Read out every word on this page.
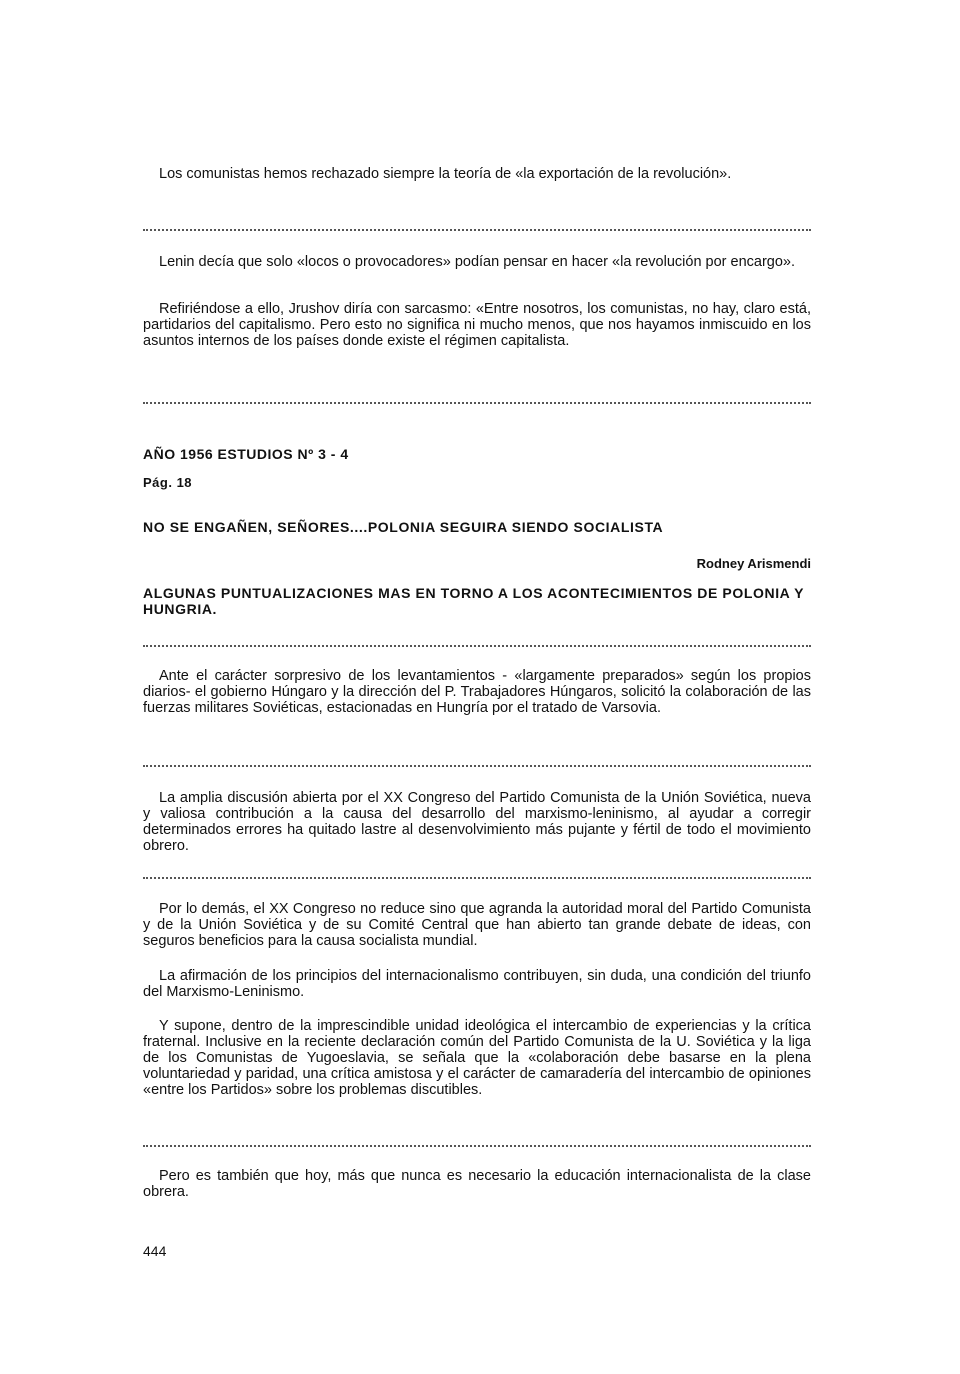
Los comunistas hemos rechazado siempre la teoría de «la exportación de la revolución».

Lenin decía que solo «locos o provocadores» podían pensar en hacer «la revolución por encargo».

Refiriéndose a ello, Jrushov diría con sarcasmo: «Entre nosotros, los comunistas, no hay, claro está, partidarios del capitalismo. Pero esto no significa ni mucho menos, que nos hayamos inmiscuido en los asuntos internos de los países donde existe el régimen capitalista.

AÑO 1956 ESTUDIOS Nº 3 - 4
Pág. 18
NO SE ENGAÑEN, SEÑORES....POLONIA SEGUIRA SIENDO SOCIALISTA
Rodney Arismendi
ALGUNAS PUNTUALIZACIONES MAS EN TORNO A LOS ACONTECIMIENTOS DE POLONIA Y HUNGRIA.

Ante el carácter sorpresivo de los levantamientos - «largamente preparados» según los propios diarios- el gobierno Húngaro y la dirección del P. Trabajadores Húngaros, solicitó la colaboración de las fuerzas militares Soviéticas, estacionadas en Hungría por el tratado de Varsovia.

La amplia discusión abierta por el XX Congreso del Partido Comunista de la Unión Soviética, nueva y valiosa contribución a la causa del desarrollo del marxismo-leninismo, al ayudar a corregir determinados errores ha quitado lastre al desenvolvimiento más pujante y fértil de todo el movimiento obrero.

Por lo demás, el XX Congreso no reduce sino que agranda la autoridad moral del Partido Comunista y de la Unión Soviética y de su Comité Central que han abierto tan grande debate de ideas, con seguros beneficios para la causa socialista mundial.

La afirmación de los principios del internacionalismo contribuyen, sin duda, una condición del triunfo del Marxismo-Leninismo.

Y supone, dentro de la imprescindible unidad ideológica el intercambio de experiencias y la crítica fraternal. Inclusive en la reciente declaración común del Partido Comunista de la U. Soviética y la liga de los Comunistas de Yugoeslavia, se señala que la «colaboración debe basarse en la plena voluntariedad y paridad, una crítica amistosa y el carácter de camaradería del intercambio de opiniones «entre los Partidos» sobre los problemas discutibles.

Pero es también que hoy, más que nunca es necesario la educación internacionalista de la clase obrera.

444
